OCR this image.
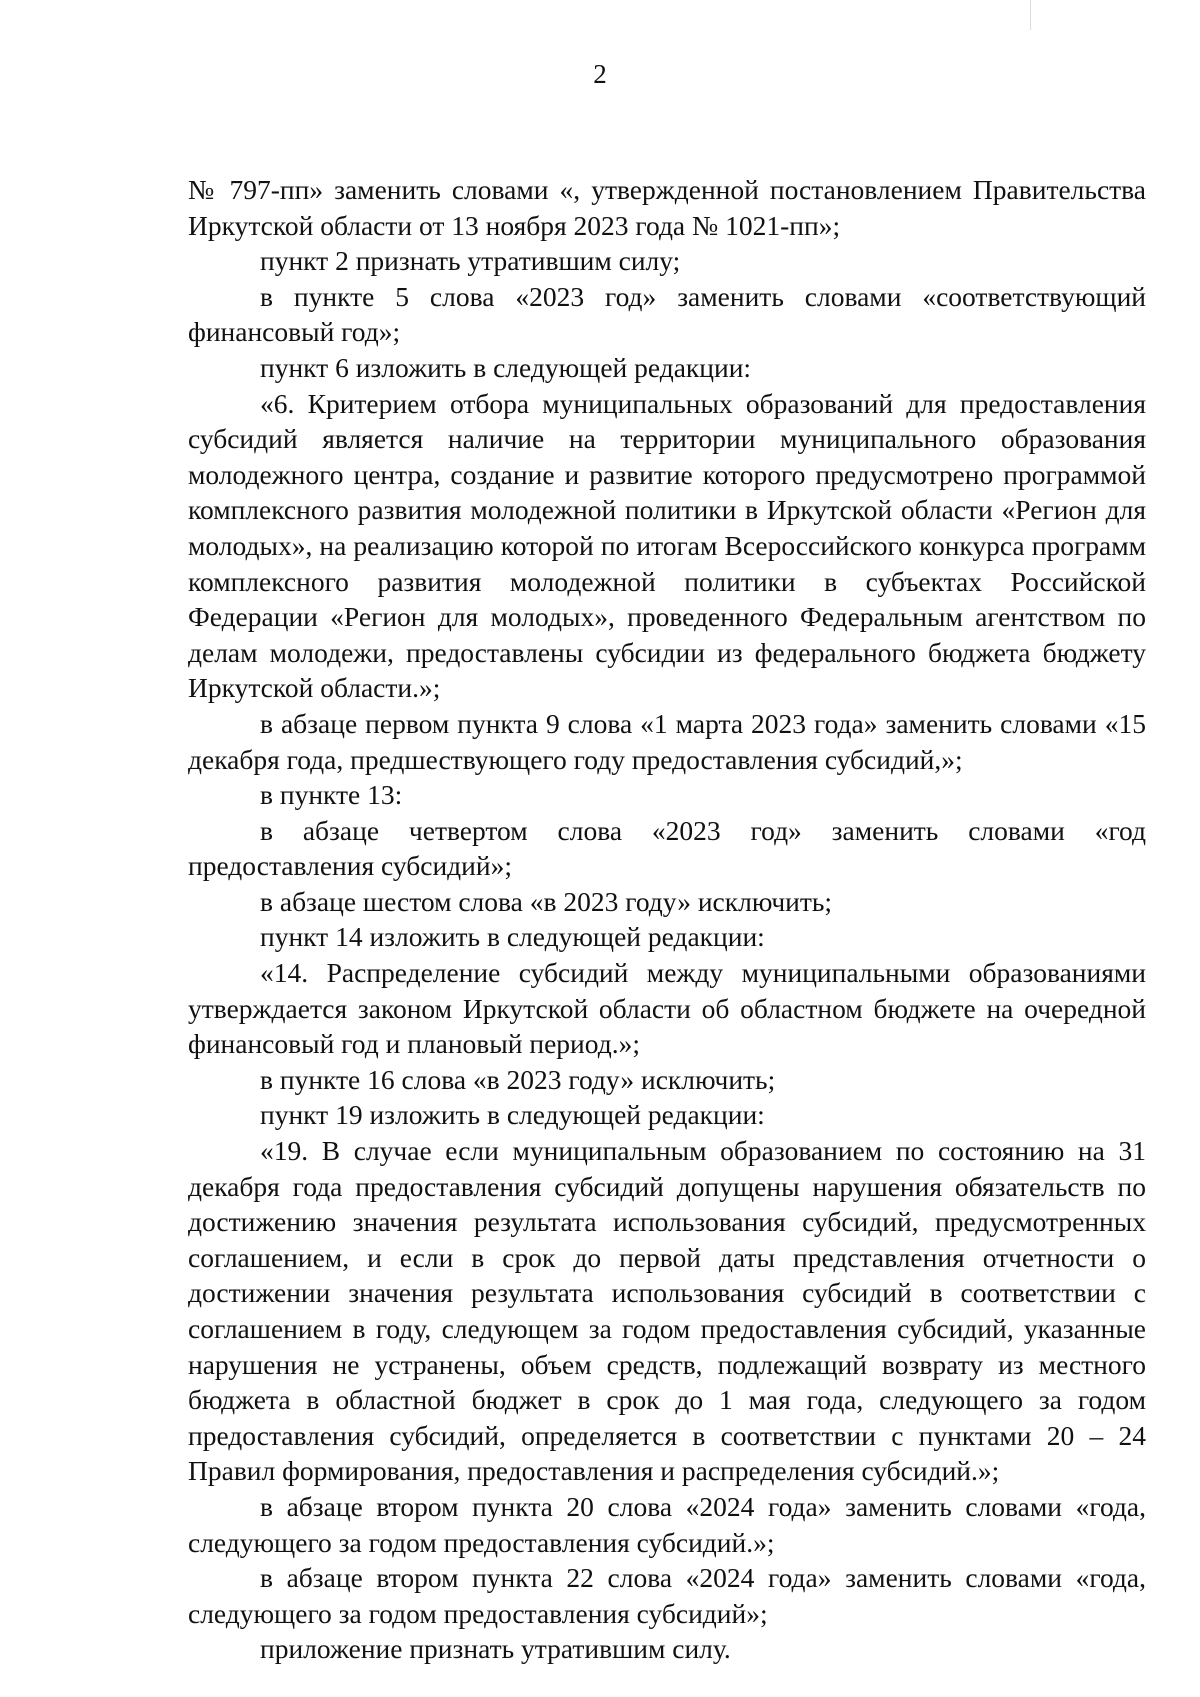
2

№ 797-пп» заменить словами «, утвержденной постановлением Правительства Иркутской области от 13 ноября 2023 года № 1021-пп»;

пункт 2 признать утратившим силу;

в пункте 5 слова «2023 год» заменить словами «соответствующий финансовый год»;

пункт 6 изложить в следующей редакции:

«6. Критерием отбора муниципальных образований для предоставления субсидий является наличие на территории муниципального образования молодежного центра, создание и развитие которого предусмотрено программой комплексного развития молодежной политики в Иркутской области «Регион для молодых», на реализацию которой по итогам Всероссийского конкурса программ комплексного развития молодежной политики в субъектах Российской Федерации «Регион для молодых», проведенного Федеральным агентством по делам молодежи, предоставлены субсидии из федерального бюджета бюджету Иркутской области.»;

в абзаце первом пункта 9 слова «1 марта 2023 года» заменить словами «15 декабря года, предшествующего году предоставления субсидий,»;

в пункте 13:

в абзаце четвертом слова «2023 год» заменить словами «год предоставления субсидий»;

в абзаце шестом слова «в 2023 году» исключить;

пункт 14 изложить в следующей редакции:

«14. Распределение субсидий между муниципальными образованиями утверждается законом Иркутской области об областном бюджете на очередной финансовый год и плановый период.»;

в пункте 16 слова «в 2023 году» исключить;

пункт 19 изложить в следующей редакции:

«19. В случае если муниципальным образованием по состоянию на 31 декабря года предоставления субсидий допущены нарушения обязательств по достижению значения результата использования субсидий, предусмотренных соглашением, и если в срок до первой даты представления отчетности о достижении значения результата использования субсидий в соответствии с соглашением в году, следующем за годом предоставления субсидий, указанные нарушения не устранены, объем средств, подлежащий возврату из местного бюджета в областной бюджет в срок до 1 мая года, следующего за годом предоставления субсидий, определяется в соответствии с пунктами 20 – 24 Правил формирования, предоставления и распределения субсидий.»;

в абзаце втором пункта 20 слова «2024 года» заменить словами «года, следующего за годом предоставления субсидий.»;

в абзаце втором пункта 22 слова «2024 года» заменить словами «года, следующего за годом предоставления субсидий»;

приложение признать утратившим силу.
